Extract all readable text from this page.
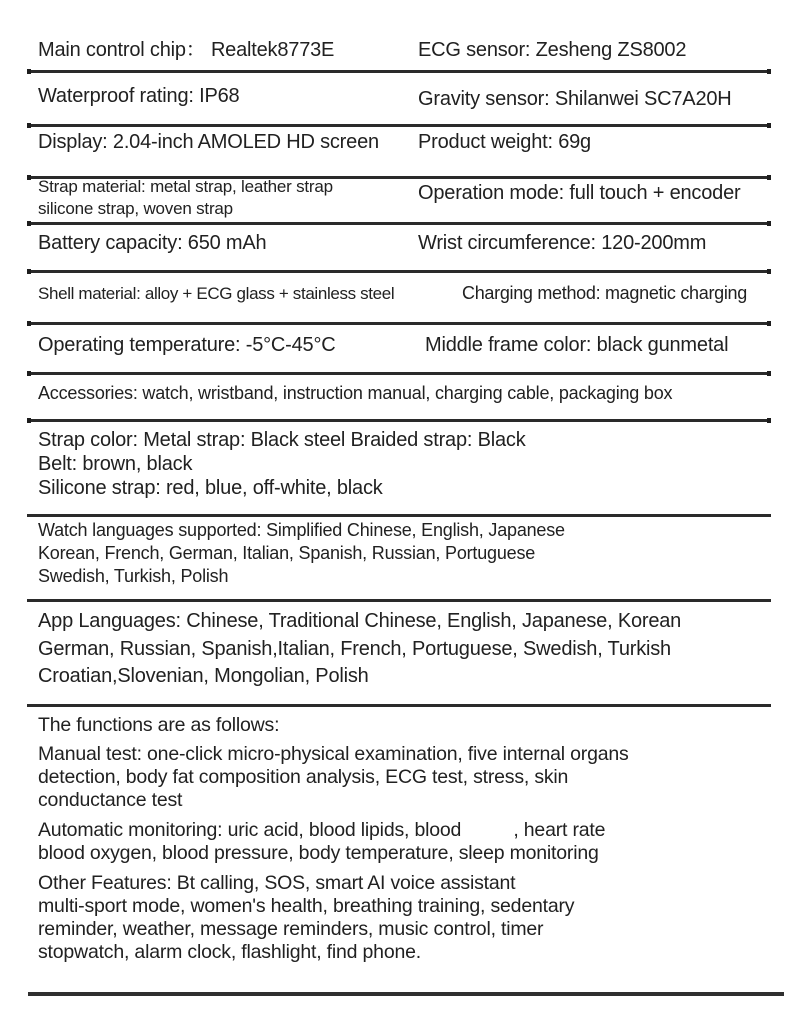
Main control chip： Realtek8773E	ECG sensor: Zesheng ZS8002
Waterproof rating: IP68	Gravity sensor: Shilanwei SC7A20H
Display: 2.04-inch AMOLED HD screen Product weight: 69g
Strap material: metal strap, leather strap
silicone strap, woven strap
Operation mode: full touch + encoder
Battery capacity: 650 mAh	Wrist circumference: 120-200mm
Shell material: alloy + ECG glass + stainless steel	Charging method: magnetic charging
Operating temperature: -5°C-45°C	Middle frame color: black gunmetal
Accessories: watch, wristband, instruction manual, charging cable, packaging box
Strap color: Metal strap: Black steel Braided strap: Black
Belt: brown, black
Silicone strap: red, blue, off-white, black
Watch languages supported: Simplified Chinese, English, Japanese
Korean, French, German, Italian, Spanish, Russian, Portuguese
Swedish, Turkish, Polish
App Languages: Chinese, Traditional Chinese, English, Japanese, Korean
German, Russian, Spanish,Italian, French, Portuguese, Swedish, Turkish
Croatian,Slovenian, Mongolian, Polish
The functions are as follows:
Manual test: one-click micro-physical examination, five internal organs
detection, body fat composition analysis, ECG test, stress, skin
conductance test
Automatic monitoring: uric acid, blood lipids, blood          , heart rate
blood oxygen, blood pressure, body temperature, sleep monitoring
Other Features: Bt calling, SOS, smart AI voice assistant
multi-sport mode, women's health, breathing training, sedentary
reminder, weather, message reminders, music control, timer
stopwatch, alarm clock, flashlight, find phone.
